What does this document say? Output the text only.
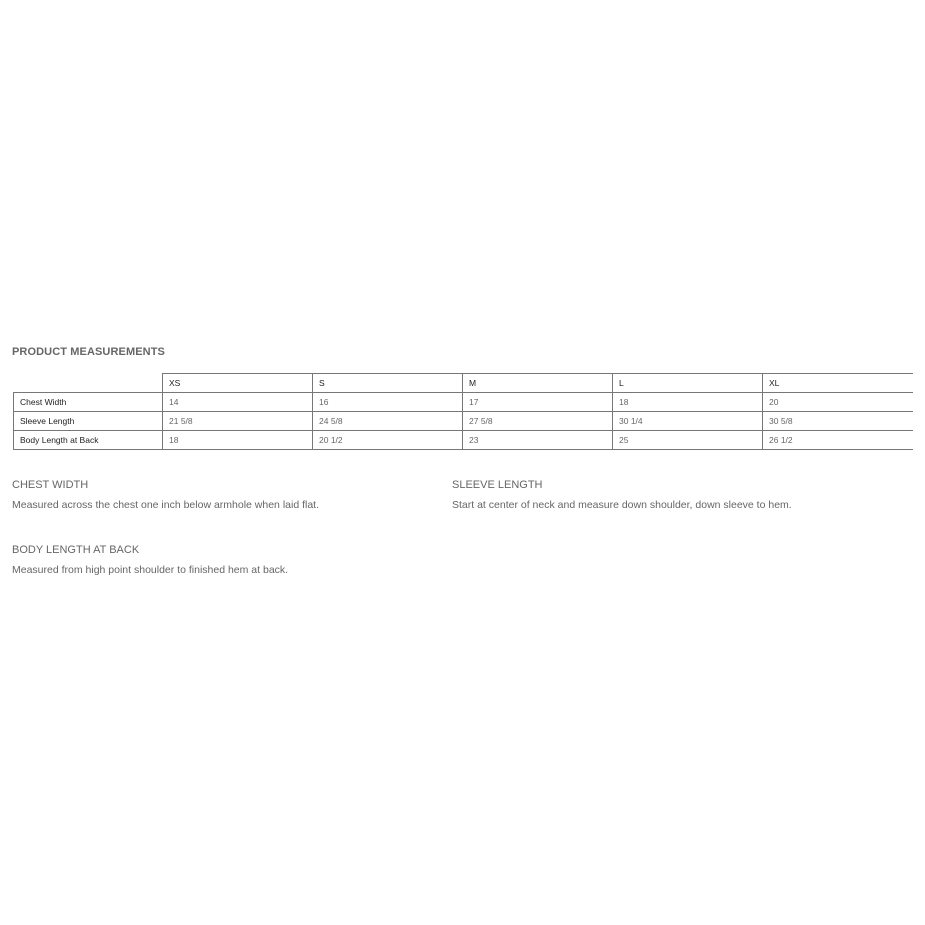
PRODUCT MEASUREMENTS
	XS	S	M	L	XL
Chest Width	14	16	17	18	20
Sleeve Length	21 5/8	24 5/8	27 5/8	30 1/4	30 5/8
Body Length at Back	18	20 1/2	23	25	26 1/2
CHEST WIDTH
Measured across the chest one inch below armhole when laid flat.
SLEEVE LENGTH
Start at center of neck and measure down shoulder, down sleeve to hem.
BODY LENGTH AT BACK
Measured from high point shoulder to finished hem at back.
